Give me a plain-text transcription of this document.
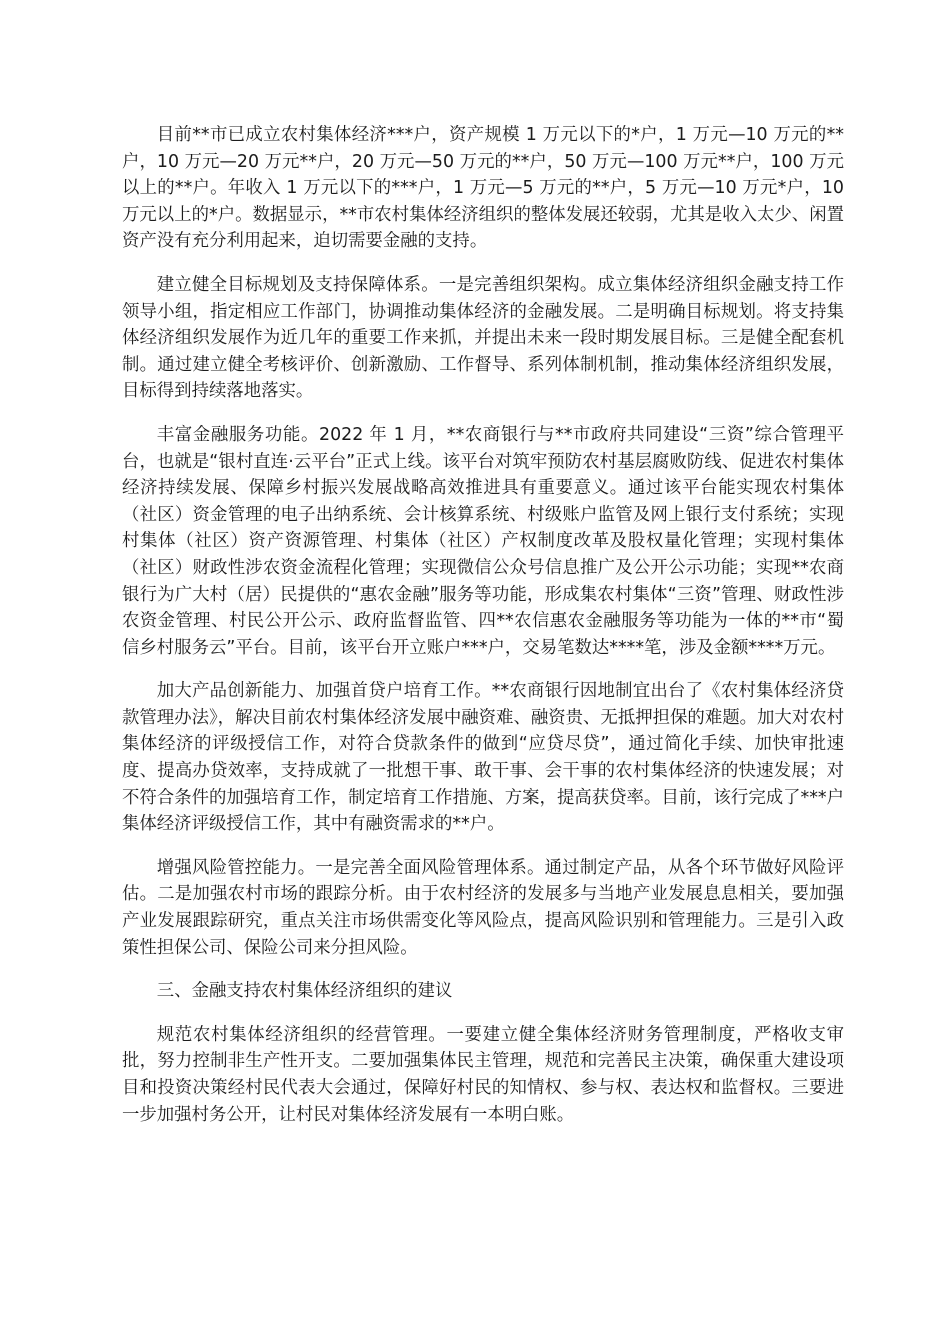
目前**市已成立农村集体经济***户，资产规模 1 万元以下的*户，1 万元—10 万元的**户，10 万元—20 万元**户，20 万元—50 万元的**户，50 万元—100 万元**户，100 万元以上的**户。年收入 1 万元以下的***户，1 万元—5 万元的**户，5 万元—10 万元*户，10 万元以上的*户。数据显示，**市农村集体经济组织的整体发展还较弱，尤其是收入太少、闲置资产没有充分利用起来，迫切需要金融的支持。

建立健全目标规划及支持保障体系。一是完善组织架构。成立集体经济组织金融支持工作领导小组，指定相应工作部门，协调推动集体经济的金融发展。二是明确目标规划。将支持集体经济组织发展作为近几年的重要工作来抓，并提出未来一段时期发展目标。三是健全配套机制。通过建立健全考核评价、创新激励、工作督导、系列体制机制，推动集体经济组织发展，目标得到持续落地落实。

丰富金融服务功能。2022 年 1 月，**农商银行与**市政府共同建设“三资”综合管理平台，也就是“银村直连·云平台”正式上线。该平台对筑牢预防农村基层腐败防线、促进农村集体经济持续发展、保障乡村振兴发展战略高效推进具有重要意义。通过该平台能实现农村集体（社区）资金管理的电子出纳系统、会计核算系统、村级账户监管及网上银行支付系统；实现村集体（社区）资产资源管理、村集体（社区）产权制度改革及股权量化管理；实现村集体（社区）财政性涉农资金流程化管理；实现微信公众号信息推广及公开公示功能；实现**农商银行为广大村（居）民提供的“惠农金融”服务等功能，形成集农村集体“三资”管理、财政性涉农资金管理、村民公开公示、政府监督监管、四**农信惠农金融服务等功能为一体的**市“蜀信乡村服务云”平台。目前，该平台开立账户***户，交易笔数达****笔，涉及金额****万元。

加大产品创新能力、加强首贷户培育工作。**农商银行因地制宜出台了《农村集体经济贷款管理办法》，解决目前农村集体经济发展中融资难、融资贵、无抵押担保的难题。加大对农村集体经济的评级授信工作，对符合贷款条件的做到“应贷尽贷”，通过简化手续、加快审批速度、提高办贷效率，支持成就了一批想干事、敢干事、会干事的农村集体经济的快速发展；对不符合条件的加强培育工作，制定培育工作措施、方案，提高获贷率。目前，该行完成了***户集体经济评级授信工作，其中有融资需求的**户。

增强风险管控能力。一是完善全面风险管理体系。通过制定产品，从各个环节做好风险评估。二是加强农村市场的跟踪分析。由于农村经济的发展多与当地产业发展息息相关，要加强产业发展跟踪研究，重点关注市场供需变化等风险点，提高风险识别和管理能力。三是引入政策性担保公司、保险公司来分担风险。

三、金融支持农村集体经济组织的建议

规范农村集体经济组织的经营管理。一要建立健全集体经济财务管理制度，严格收支审批，努力控制非生产性开支。二要加强集体民主管理，规范和完善民主决策，确保重大建设项目和投资决策经村民代表大会通过，保障好村民的知情权、参与权、表达权和监督权。三要进一步加强村务公开，让村民对集体经济发展有一本明白账。
